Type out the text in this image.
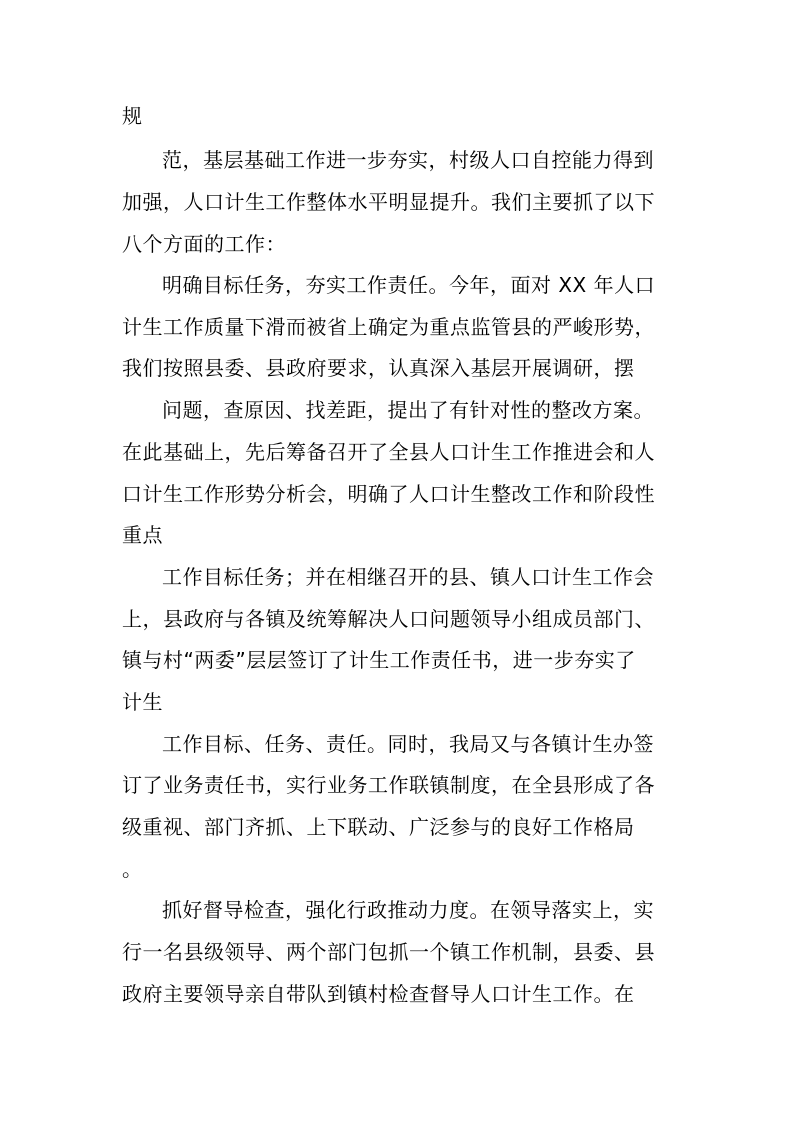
规
范，基层基础工作进一步夯实，村级人口自控能力得到
加强，人口计生工作整体水平明显提升。我们主要抓了以下
八个方面的工作：
明确目标任务，夯实工作责任。今年，面对 XX 年人口
计生工作质量下滑而被省上确定为重点监管县的严峻形势，
我们按照县委、县政府要求，认真深入基层开展调研，摆
问题，查原因、找差距，提出了有针对性的整改方案。
在此基础上，先后筹备召开了全县人口计生工作推进会和人
口计生工作形势分析会，明确了人口计生整改工作和阶段性
重点
工作目标任务；并在相继召开的县、镇人口计生工作会
上，县政府与各镇及统筹解决人口问题领导小组成员部门、
镇与村“两委”层层签订了计生工作责任书，进一步夯实了
计生
工作目标、任务、责任。同时，我局又与各镇计生办签
订了业务责任书，实行业务工作联镇制度，在全县形成了各
级重视、部门齐抓、上下联动、广泛参与的良好工作格局
。
抓好督导检查，强化行政推动力度。在领导落实上，实
行一名县级领导、两个部门包抓一个镇工作机制，县委、县
政府主要领导亲自带队到镇村检查督导人口计生工作。在
